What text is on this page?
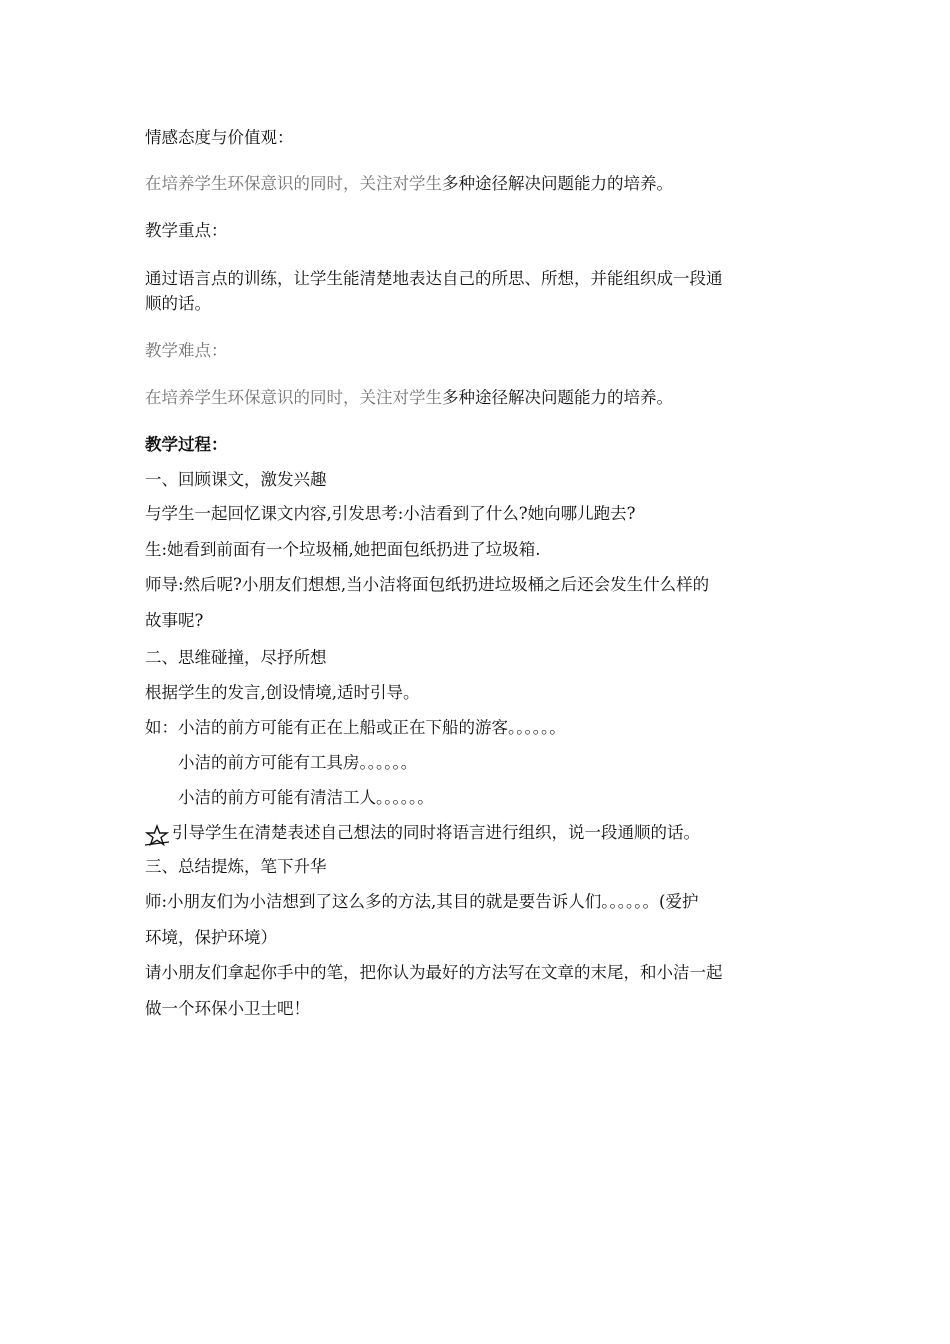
情感态度与价值观：
在培养学生环保意识的同时，关注对学生多种途径解决问题能力的培养。
教学重点：
通过语言点的训练，让学生能清楚地表达自己的所思、所想，并能组织成一段通
顺的话。
教学难点：
在培养学生环保意识的同时，关注对学生多种途径解决问题能力的培养。
教学过程：
一、回顾课文，激发兴趣
与学生一起回忆课文内容,引发思考:小洁看到了什么?她向哪儿跑去?
生:她看到前面有一个垃圾桶,她把面包纸扔进了垃圾箱.
师导:然后呢?小朋友们想想,当小洁将面包纸扔进垃圾桶之后还会发生什么样的
故事呢?
二、思维碰撞，尽抒所想
根据学生的发言,创设情境,适时引导。
如：小洁的前方可能有正在上船或正在下船的游客。。。。。。
小洁的前方可能有工具房。。。。。。
小洁的前方可能有清洁工人。。。。。。
引导学生在清楚表述自己想法的同时将语言进行组织，说一段通顺的话。
三、总结提炼，笔下升华
师:小朋友们为小洁想到了这么多的方法,其目的就是要告诉人们。。。。。。(爱护
环境，保护环境）
请小朋友们拿起你手中的笔，把你认为最好的方法写在文章的末尾，和小洁一起
做一个环保小卫士吧！
